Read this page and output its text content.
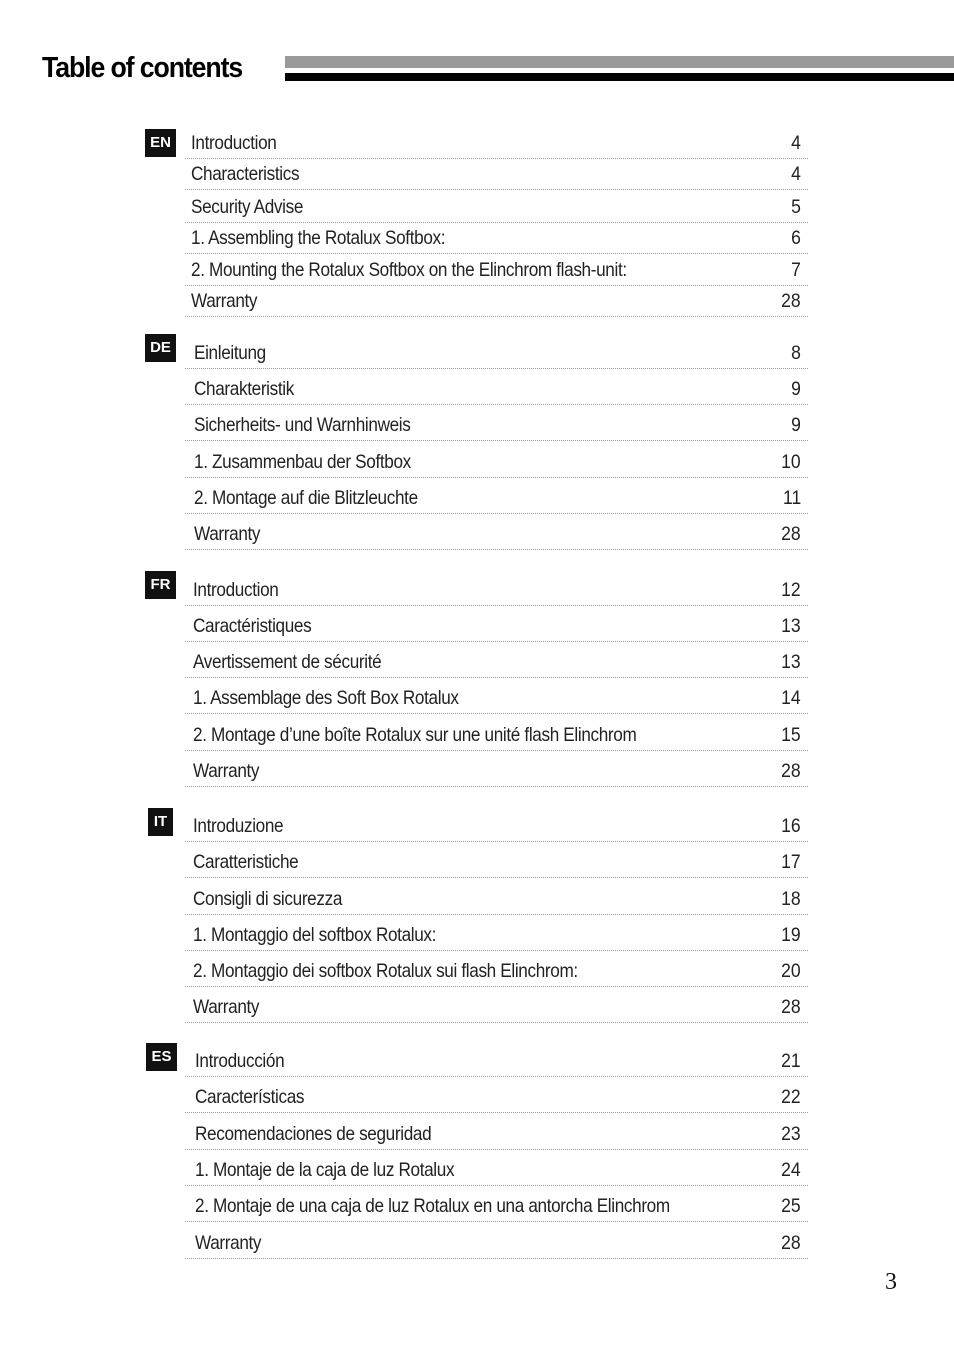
Table of contents
EN Introduction	4
Characteristics	4
Security Advise	5
1. Assembling the Rotalux Softbox:	6
2. Mounting the Rotalux Softbox on the Elinchrom flash-unit:	7
Warranty	28
DE Einleitung	8
Charakteristik	9
Sicherheits- und Warnhinweis	9
1. Zusammenbau der Softbox	10
2. Montage auf die Blitzleuchte	11
Warranty	28
FR Introduction	12
Caractéristiques	13
Avertissement de sécurité	13
1. Assemblage des Soft Box Rotalux	14
2. Montage d’une boîte Rotalux sur une unité flash Elinchrom	15
Warranty	28
IT Introduzione	16
Caratteristiche	17
Consigli di sicurezza	18
1. Montaggio del softbox Rotalux:	19
2. Montaggio dei softbox Rotalux sui flash Elinchrom:	20
Warranty	28
ES Introducción	21
Características	22
Recomendaciones de seguridad	23
1. Montaje de la caja de luz Rotalux	24
2. Montaje de una caja de luz Rotalux en una antorcha Elinchrom	25
Warranty	28
3
